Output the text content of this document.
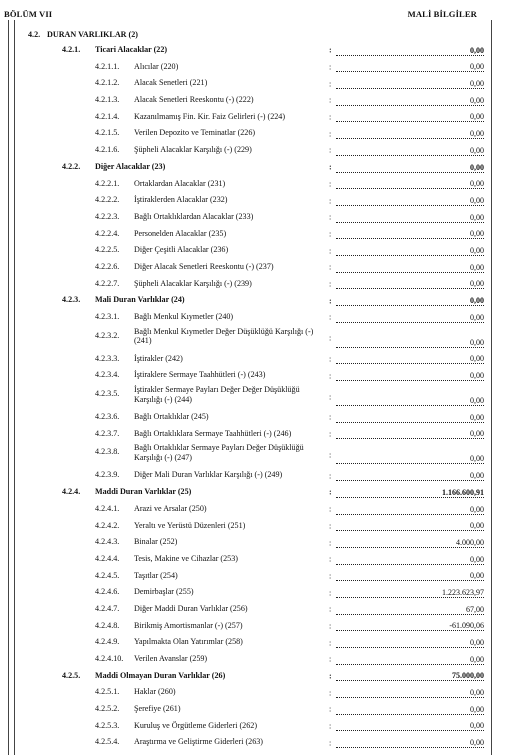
BÖLÜM VII	MALİ BİLGİLER
4.2. DURAN VARLIKLAR (2)
4.2.1. Ticari Alacaklar (22)	:	0,00
4.2.1.1. Alıcılar (220)	:	0,00
4.2.1.2. Alacak Senetleri (221)	:	0,00
4.2.1.3. Alacak Senetleri Reeskontu (-) (222)	:	0,00
4.2.1.4. Kazanılmamış Fin. Kir. Faiz Gelirleri (-) (224)	:	0,00
4.2.1.5. Verilen Depozito ve Teminatlar (226)	:	0,00
4.2.1.6. Şüpheli Alacaklar Karşılığı (-) (229)	:	0,00
4.2.2. Diğer Alacaklar (23)	:	0,00
4.2.2.1. Ortaklardan Alacaklar (231)	:	0,00
4.2.2.2. İştiraklerden Alacaklar (232)	:	0,00
4.2.2.3. Bağlı Ortaklıklardan Alacaklar (233)	:	0,00
4.2.2.4. Personelden Alacaklar (235)	:	0,00
4.2.2.5. Diğer Çeşitli Alacaklar (236)	:	0,00
4.2.2.6. Diğer Alacak Senetleri Reeskontu (-) (237)	:	0,00
4.2.2.7. Şüpheli Alacaklar Karşılığı (-) (239)	:	0,00
4.2.3. Mali Duran Varlıklar (24)	:	0,00
4.2.3.1. Bağlı Menkul Kıymetler (240)	:	0,00
4.2.3.2. Bağlı Menkul Kıymetler Değer Düşüklüğü Karşılığı (-) (241)	:	0,00
4.2.3.3. İştirakler (242)	:	0,00
4.2.3.4. İştiraklere Sermaye Taahhütleri (-) (243)	:	0,00
4.2.3.5. İştirakler Sermaye Payları Değer Değer Düşüklüğü Karşılığı (-) (244)	:	0,00
4.2.3.6. Bağlı Ortaklıklar (245)	:	0,00
4.2.3.7. Bağlı Ortaklıklara Sermaye Taahhütleri (-) (246)	:	0,00
4.2.3.8. Bağlı Ortaklıklar Sermaye Payları Değer Düşüklüğü Karşılığı (-) (247)	:	0,00
4.2.3.9. Diğer Mali Duran Varlıklar Karşılığı (-) (249)	:	0,00
4.2.4. Maddi Duran Varlıklar (25)	:	1.166.600,91
4.2.4.1. Arazi ve Arsalar (250)	:	0,00
4.2.4.2. Yeraltı ve Yerüstü Düzenleri (251)	:	0,00
4.2.4.3. Binalar (252)	:	4.000,00
4.2.4.4. Tesis, Makine ve Cihazlar (253)	:	0,00
4.2.4.5. Taşıtlar (254)	:	0,00
4.2.4.6. Demirbaşlar (255)	:	1.223.623,97
4.2.4.7. Diğer Maddi Duran Varlıklar (256)	:	67,00
4.2.4.8. Birikmiş Amortismanlar (-) (257)	:	-61.090,06
4.2.4.9. Yapılmakta Olan Yatırımlar (258)	:	0,00
4.2.4.10. Verilen Avanslar (259)	:	0,00
4.2.5. Maddi Olmayan Duran Varlıklar (26)	:	75.000,00
4.2.5.1. Haklar (260)	:	0,00
4.2.5.2. Şerefiye (261)	:	0,00
4.2.5.3. Kuruluş ve Örgütleme Giderleri (262)	:	0,00
4.2.5.4. Araştırma ve Geliştirme Giderleri (263)	:	0,00
